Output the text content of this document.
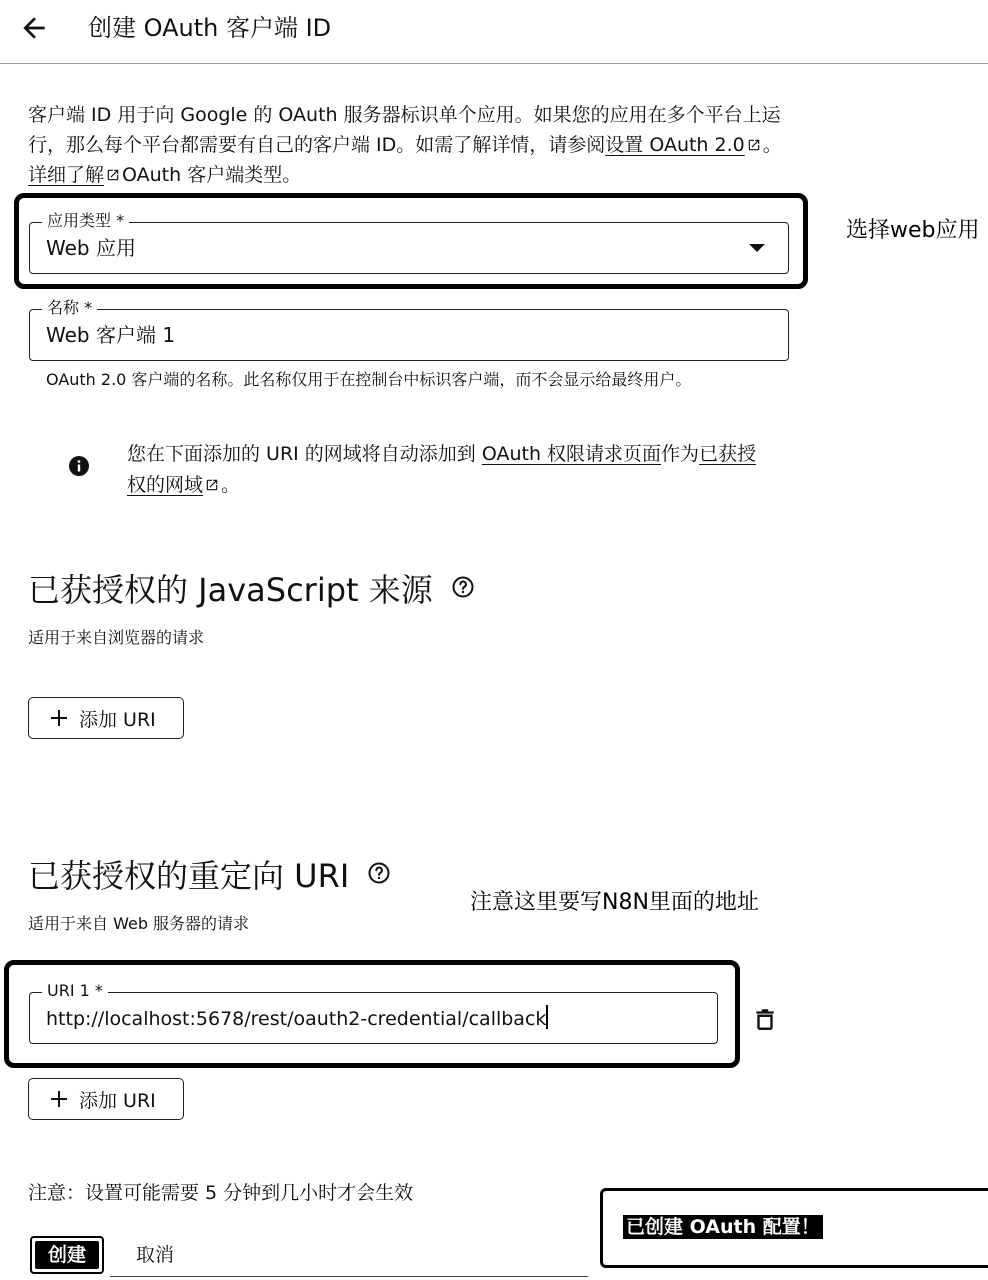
创建 OAuth 客户端 ID
客户端 ID 用于向 Google 的 OAuth 服务器标识单个应用。如果您的应用在多个平台上运行，那么每个平台都需要有自己的客户端 ID。如需了解详情，请参阅设置 OAuth 2.0 。 详细了解 OAuth 客户端类型。
应用类型 *
Web 应用
选择web应用
名称 *
Web 客户端 1
OAuth 2.0 客户端的名称。此名称仅用于在控制台中标识客户端，而不会显示给最终用户。
您在下面添加的 URI 的网域将自动添加到 OAuth 权限请求页面作为已获授权的网域 。
已获授权的 JavaScript 来源
适用于来自浏览器的请求
添加 URI
已获授权的重定向 URI
注意这里要写N8N里面的地址
适用于来自 Web 服务器的请求
URI 1 *
http://localhost:5678/rest/oauth2-credential/callback
添加 URI
注意：设置可能需要 5 分钟到几小时才会生效
创建	取消
已创建 OAuth 配置！
